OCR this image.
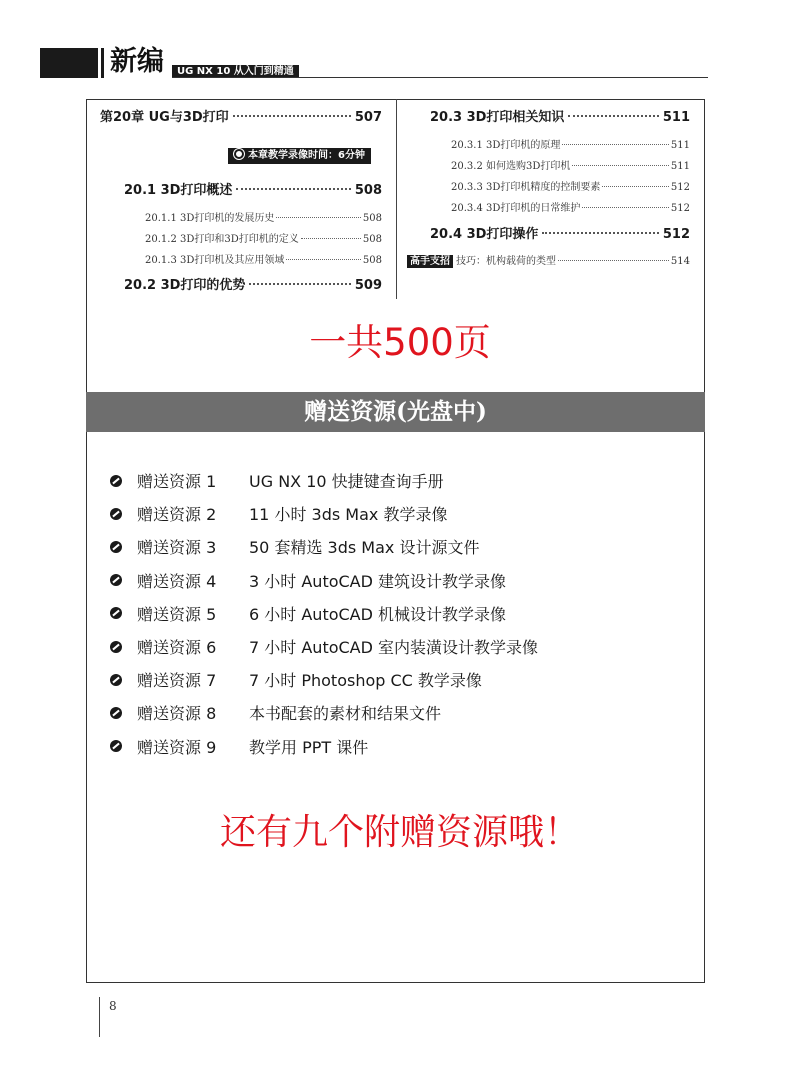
新编	UG NX 10 从入门到精通
第20章 UG与3D打印	507
本章教学录像时间：6分钟
20.1 3D打印概述	508
20.1.1 3D打印机的发展历史	508
20.1.2 3D打印和3D打印机的定义	508
20.1.3 3D打印机及其应用领域	508
20.2 3D打印的优势	509
20.3 3D打印相关知识	511
20.3.1 3D打印机的原理	511
20.3.2 如何选购3D打印机	511
20.3.3 3D打印机精度的控制要素	512
20.3.4 3D打印机的日常维护	512
20.4 3D打印操作	512
高手支招 技巧：机构载荷的类型	514
一共500页
赠送资源(光盘中)
赠送资源 1	UG NX 10 快捷键查询手册
赠送资源 2	11 小时 3ds Max 教学录像
赠送资源 3	50 套精选 3ds Max 设计源文件
赠送资源 4	3 小时 AutoCAD 建筑设计教学录像
赠送资源 5	6 小时 AutoCAD 机械设计教学录像
赠送资源 6	7 小时 AutoCAD 室内装潢设计教学录像
赠送资源 7	7 小时 Photoshop CC 教学录像
赠送资源 8	本书配套的素材和结果文件
赠送资源 9	教学用 PPT 课件
还有九个附赠资源哦！
8
